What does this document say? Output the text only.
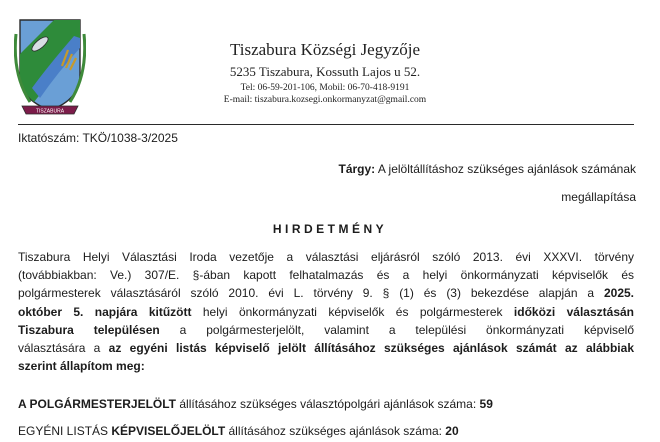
TISZABURA
Tiszabura Községi Jegyzője
5235 Tiszabura, Kossuth Lajos u 52.
Tel: 06-59-201-106, Mobil: 06-70-418-9191
E-mail: tiszabura.kozsegi.onkormanyzat@gmail.com
Iktatószám: TKÖ/1038-3/2025
Tárgy: A jelöltállításhoz szükséges ajánlások számának
megállapítása
HIRDETMÉNY
Tiszabura Helyi Választási Iroda vezetője a választási eljárásról szóló 2013. évi XXXVI. törvény
(továbbiakban: Ve.) 307/E. §-ában kapott felhatalmazás és a helyi önkormányzati képviselők és
polgármesterek választásáról szóló 2010. évi L. törvény 9. § (1) és (3) bekezdése alapján a 2025.
október 5. napjára kitűzött helyi önkormányzati képviselők és polgármesterek időközi választásán
Tiszabura településen a polgármesterjelölt, valamint a települési önkormányzati képviselő
választására a az egyéni listás képviselő jelölt állításához szükséges ajánlások számát az alábbiak
szerint állapítom meg:
A POLGÁRMESTERJELÖLT állításához szükséges választópolgári ajánlások száma: 59
EGYÉNI LISTÁS KÉPVISELŐJELÖLT állításához szükséges ajánlások száma: 20
